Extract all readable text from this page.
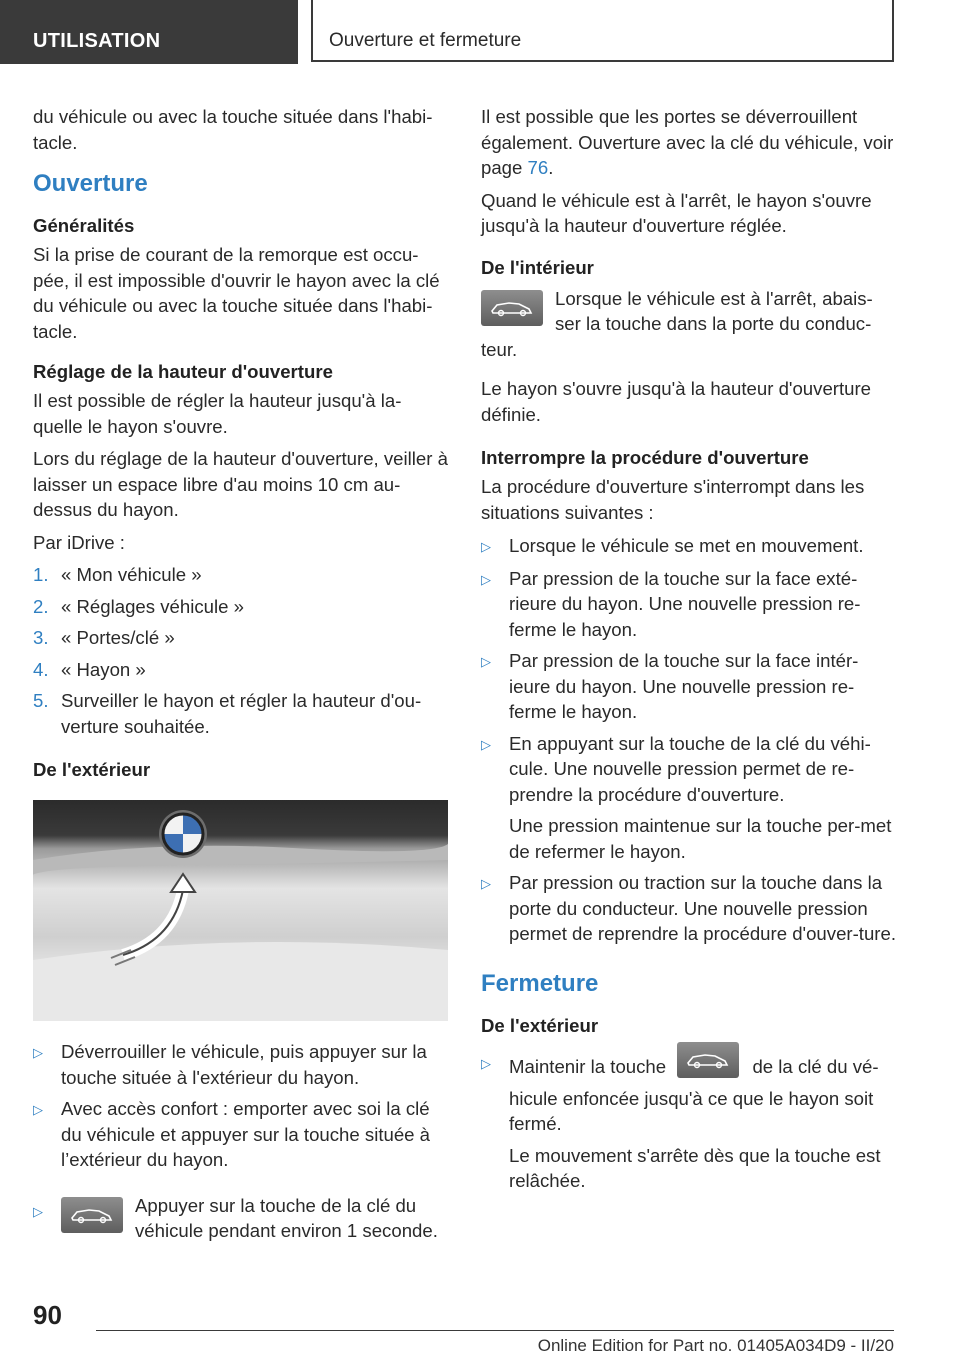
UTILISATION	Ouverture et fermeture

du véhicule ou avec la touche située dans l'habi-tacle.

Ouverture
Généralités

Si la prise de courant de la remorque est occu-pée, il est impossible d'ouvrir le hayon avec la clé du véhicule ou avec la touche située dans l'habi-tacle.

Réglage de la hauteur d'ouverture

Il est possible de régler la hauteur jusqu'à la-quelle le hayon s'ouvre.

Lors du réglage de la hauteur d'ouverture, veiller à laisser un espace libre d'au moins 10 cm au-dessus du hayon.

Par iDrive :

1. « Mon véhicule »
2. « Réglages véhicule »
3. « Portes/clé »
4. « Hayon »
5. Surveiller le hayon et régler la hauteur d'ou-verture souhaitée.
De l'extérieur
▷ Déverrouiller le véhicule, puis appuyer sur la touche située à l'extérieur du hayon.
▷ Avec accès confort : emporter avec soi la clé du véhicule et appuyer sur la touche située à l’extérieur du hayon.
▷	Appuyer sur la touche de la clé du véhicule pendant environ 1 seconde.

Il est possible que les portes se déverrouillent également. Ouverture avec la clé du véhicule, voir page 76.

Quand le véhicule est à l'arrêt, le hayon s'ouvre jusqu'à la hauteur d'ouverture réglée.

De l'intérieur
Lorsque le véhicule est à l'arrêt, abais-ser la touche dans la porte du conduc-teur.

Le hayon s'ouvre jusqu'à la hauteur d'ouverture définie.

Interrompre la procédure d'ouverture

La procédure d'ouverture s'interrompt dans les situations suivantes :

▷ Lorsque le véhicule se met en mouvement.
▷ Par pression de la touche sur la face exté-rieure du hayon. Une nouvelle pression re-ferme le hayon.
▷ Par pression de la touche sur la face intér-ieure du hayon. Une nouvelle pression re-ferme le hayon.
▷ En appuyant sur la touche de la clé du véhi-cule. Une nouvelle pression permet de re-prendre la procédure d'ouverture.
Une pression maintenue sur la touche per-met de refermer le hayon.
▷ Par pression ou traction sur la touche dans la porte du conducteur. Une nouvelle pression permet de reprendre la procédure d'ouver-ture.
Fermeture
De l'extérieur
▷ Maintenir la touche	de la clé du vé-hicule enfoncée jusqu'à ce que le hayon soit fermé.
Le mouvement s'arrête dès que la touche est relâchée.
90
Online Edition for Part no. 01405A034D9 - II/20
